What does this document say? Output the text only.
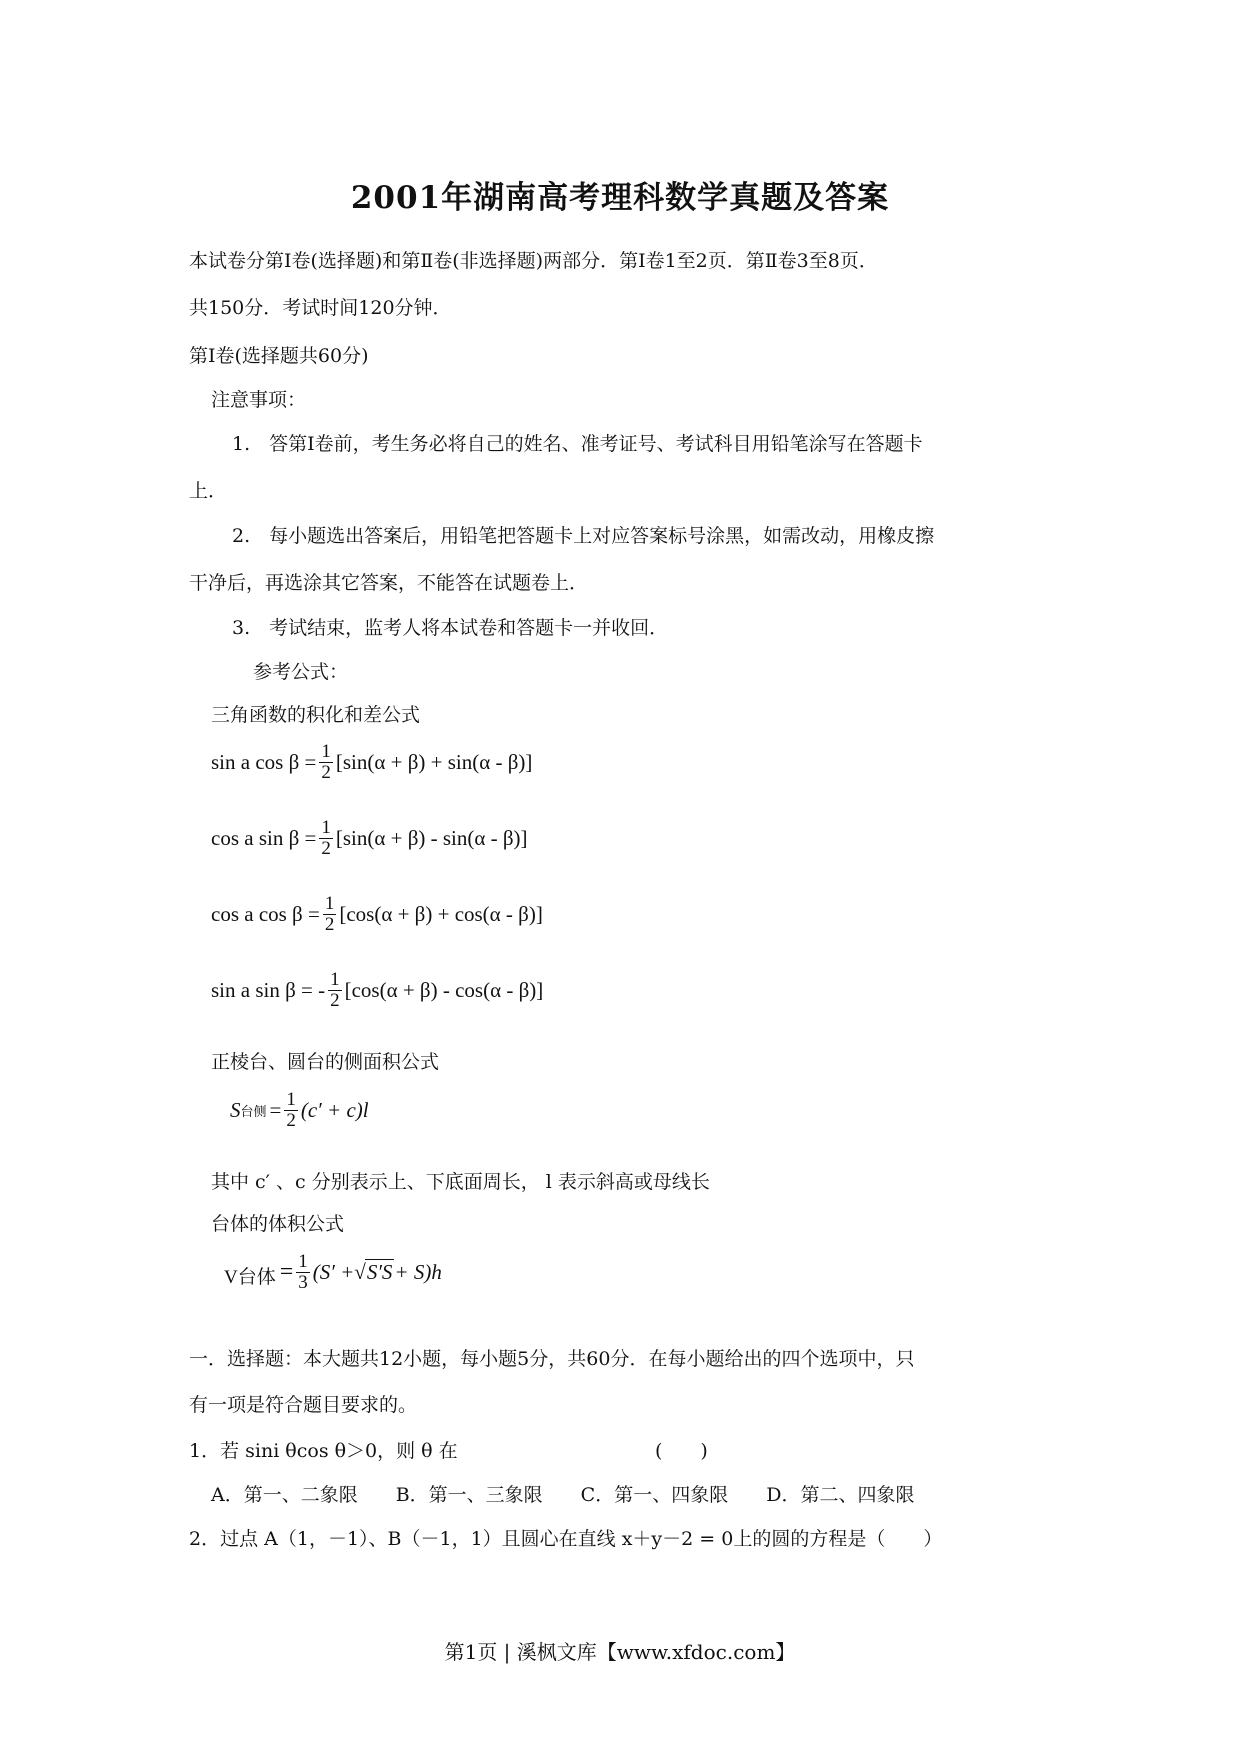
2001年湖南高考理科数学真题及答案
本试卷分第Ⅰ卷(选择题)和第Ⅱ卷(非选择题)两部分．第Ⅰ卷1至2页．第Ⅱ卷3至8页．
共150分．考试时间120分钟．
第Ⅰ卷(选择题共60分)
注意事项：
1.　答第Ⅰ卷前，考生务必将自己的姓名、准考证号、考试科目用铅笔涂写在答题卡
上．
2.　每小题选出答案后，用铅笔把答题卡上对应答案标号涂黑，如需改动，用橡皮擦
干净后，再选涂其它答案，不能答在试题卷上．
3.　考试结束，监考人将本试卷和答题卡一并收回．
参考公式：
三角函数的积化和差公式
sin a $\cos \beta = \frac{1}{2} [\sin(\alpha + \beta) + \sin(\alpha - \beta)]$
cos a $\sin \beta = \frac{1}{2} [\sin(\alpha + \beta) - \sin(\alpha - \beta)]$
cos a $\cos \beta = \frac{1}{2} [\cos(\alpha + \beta) + \cos(\alpha - \beta)]$
sin a sin β = - $\frac{1}{2} [\cos(\alpha + \beta) - \cos(\alpha - \beta)]$
正棱台、圆台的侧面积公式
S 台侧 = $\frac{1}{2} (c' + c)l$
其中 c′ 、c 分别表示上、下底面周长， l 表示斜高或母线长
台体的体积公式
V台体 = $\frac{1}{3} (S'$ + √ S′S + S)h
一．选择题：本大题共12小题，每小题5分，共60分．在每小题给出的四个选项中，只
有一项是符合题目要求的。
1．若 sini θcos θ＞0，则 θ 在	(　　)
A．第一、二象限　　B．第一、三象限　　C．第一、四象限　　D．第二、四象限
2．过点 A（1，－1）、B（－1，1）且圆心在直线 x＋y－2 = 0上的圆的方程是（　　）
第1页 | 溪枫文库【www.xfdoc.com】
